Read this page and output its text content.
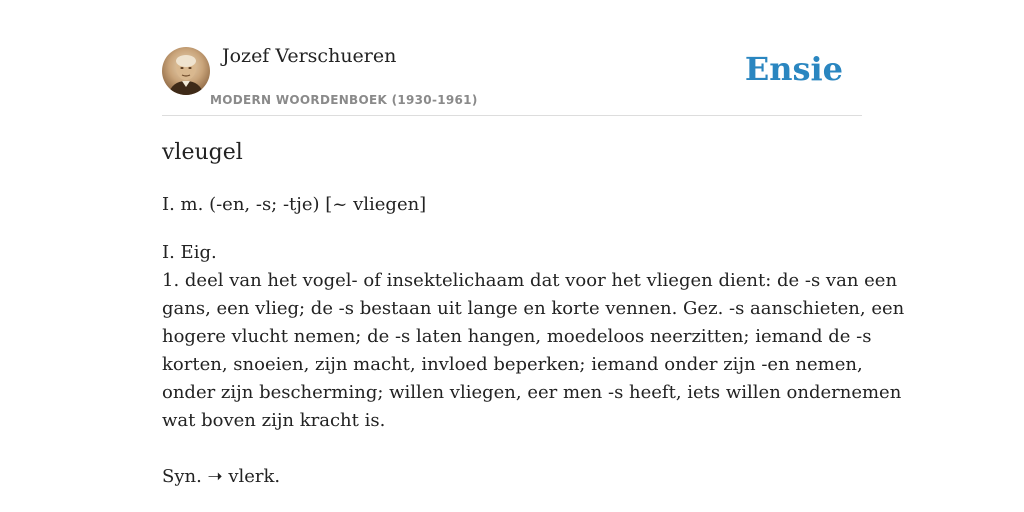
Jozef Verschueren
MODERN WOORDENBOEK (1930-1961)
Ensie
vleugel
I. m. (-en, -s; -tje) [~ vliegen]
I. Eig.
1. deel van het vogel- of insektelichaam dat voor het vliegen dient: de -s van een
gans, een vlieg; de -s bestaan uit lange en korte vennen. Gez. -s aanschieten, een
hogere vlucht nemen; de -s laten hangen, moedeloos neerzitten; iemand de -s
korten, snoeien, zijn macht, invloed beperken; iemand onder zijn -en nemen,
onder zijn bescherming; willen vliegen, eer men -s heeft, iets willen ondernemen
wat boven zijn kracht is.
Syn. ➝ vlerk.
